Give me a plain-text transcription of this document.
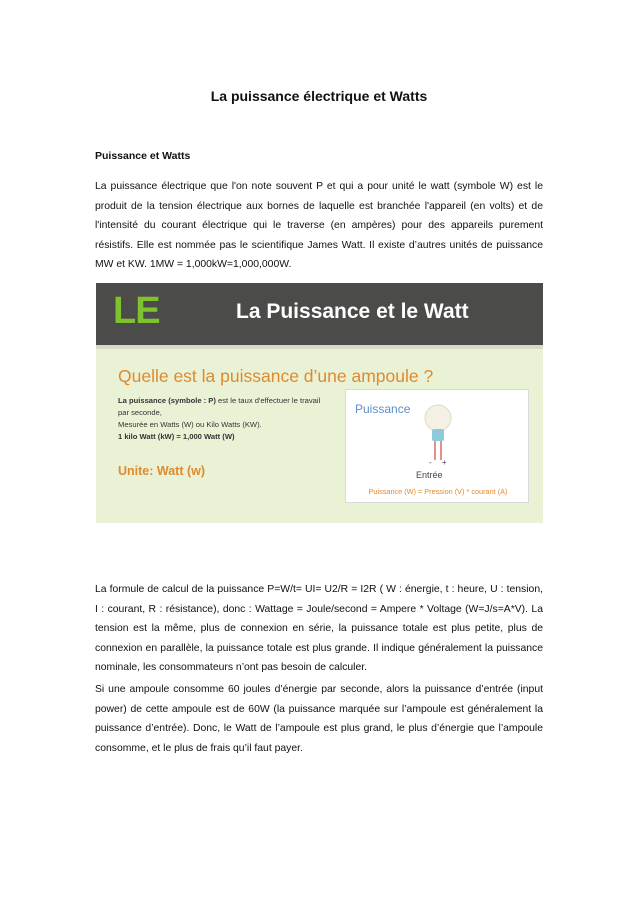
La puissance électrique et Watts
Puissance et Watts
La puissance électrique que l'on note souvent P et qui a pour unité le watt (symbole W) est le produit de la tension électrique aux bornes de laquelle est branchée l'appareil (en volts) et de l'intensité du courant électrique qui le traverse (en ampères) pour des appareils purement résistifs. Elle est nommée pas le scientifique James Watt. Il existe d’autres unités de puissance MW et KW. 1MW = 1,000kW=1,000,000W.
LE	La Puissance et le Watt
Quelle est la puissance d’une ampoule ?
La puissance (symbole : P) est le taux d'effectuer le travail
par seconde,
Mesurée en Watts (W) ou Kilo Watts (KW).
1 kilo Watt (kW) = 1,000 Watt (W)
Unite: Watt (w)
Puissance
- +
Entrée
Puissance (W) = Pression (V) * courant (A)
La formule de calcul de la puissance P=W/t= UI= U2/R = I2R ( W : énergie, t : heure, U : tension, I : courant, R : résistance), donc : Wattage = Joule/second = Ampere * Voltage (W=J/s=A*V). La tension est la même, plus de connexion en série, la puissance totale est plus petite, plus de connexion en parallèle, la puissance totale est plus grande. Il indique généralement la puissance nominale, les consommateurs n’ont pas besoin de calculer.
Si une ampoule consomme 60 joules d’énergie par seconde, alors la puissance d’entrée (input power) de cette ampoule est de 60W (la puissance marquée sur l’ampoule est généralement la puissance d’entrée). Donc, le Watt de l’ampoule est plus grand, le plus d’énergie que l’ampoule consomme, et le plus de frais qu’il faut payer.
